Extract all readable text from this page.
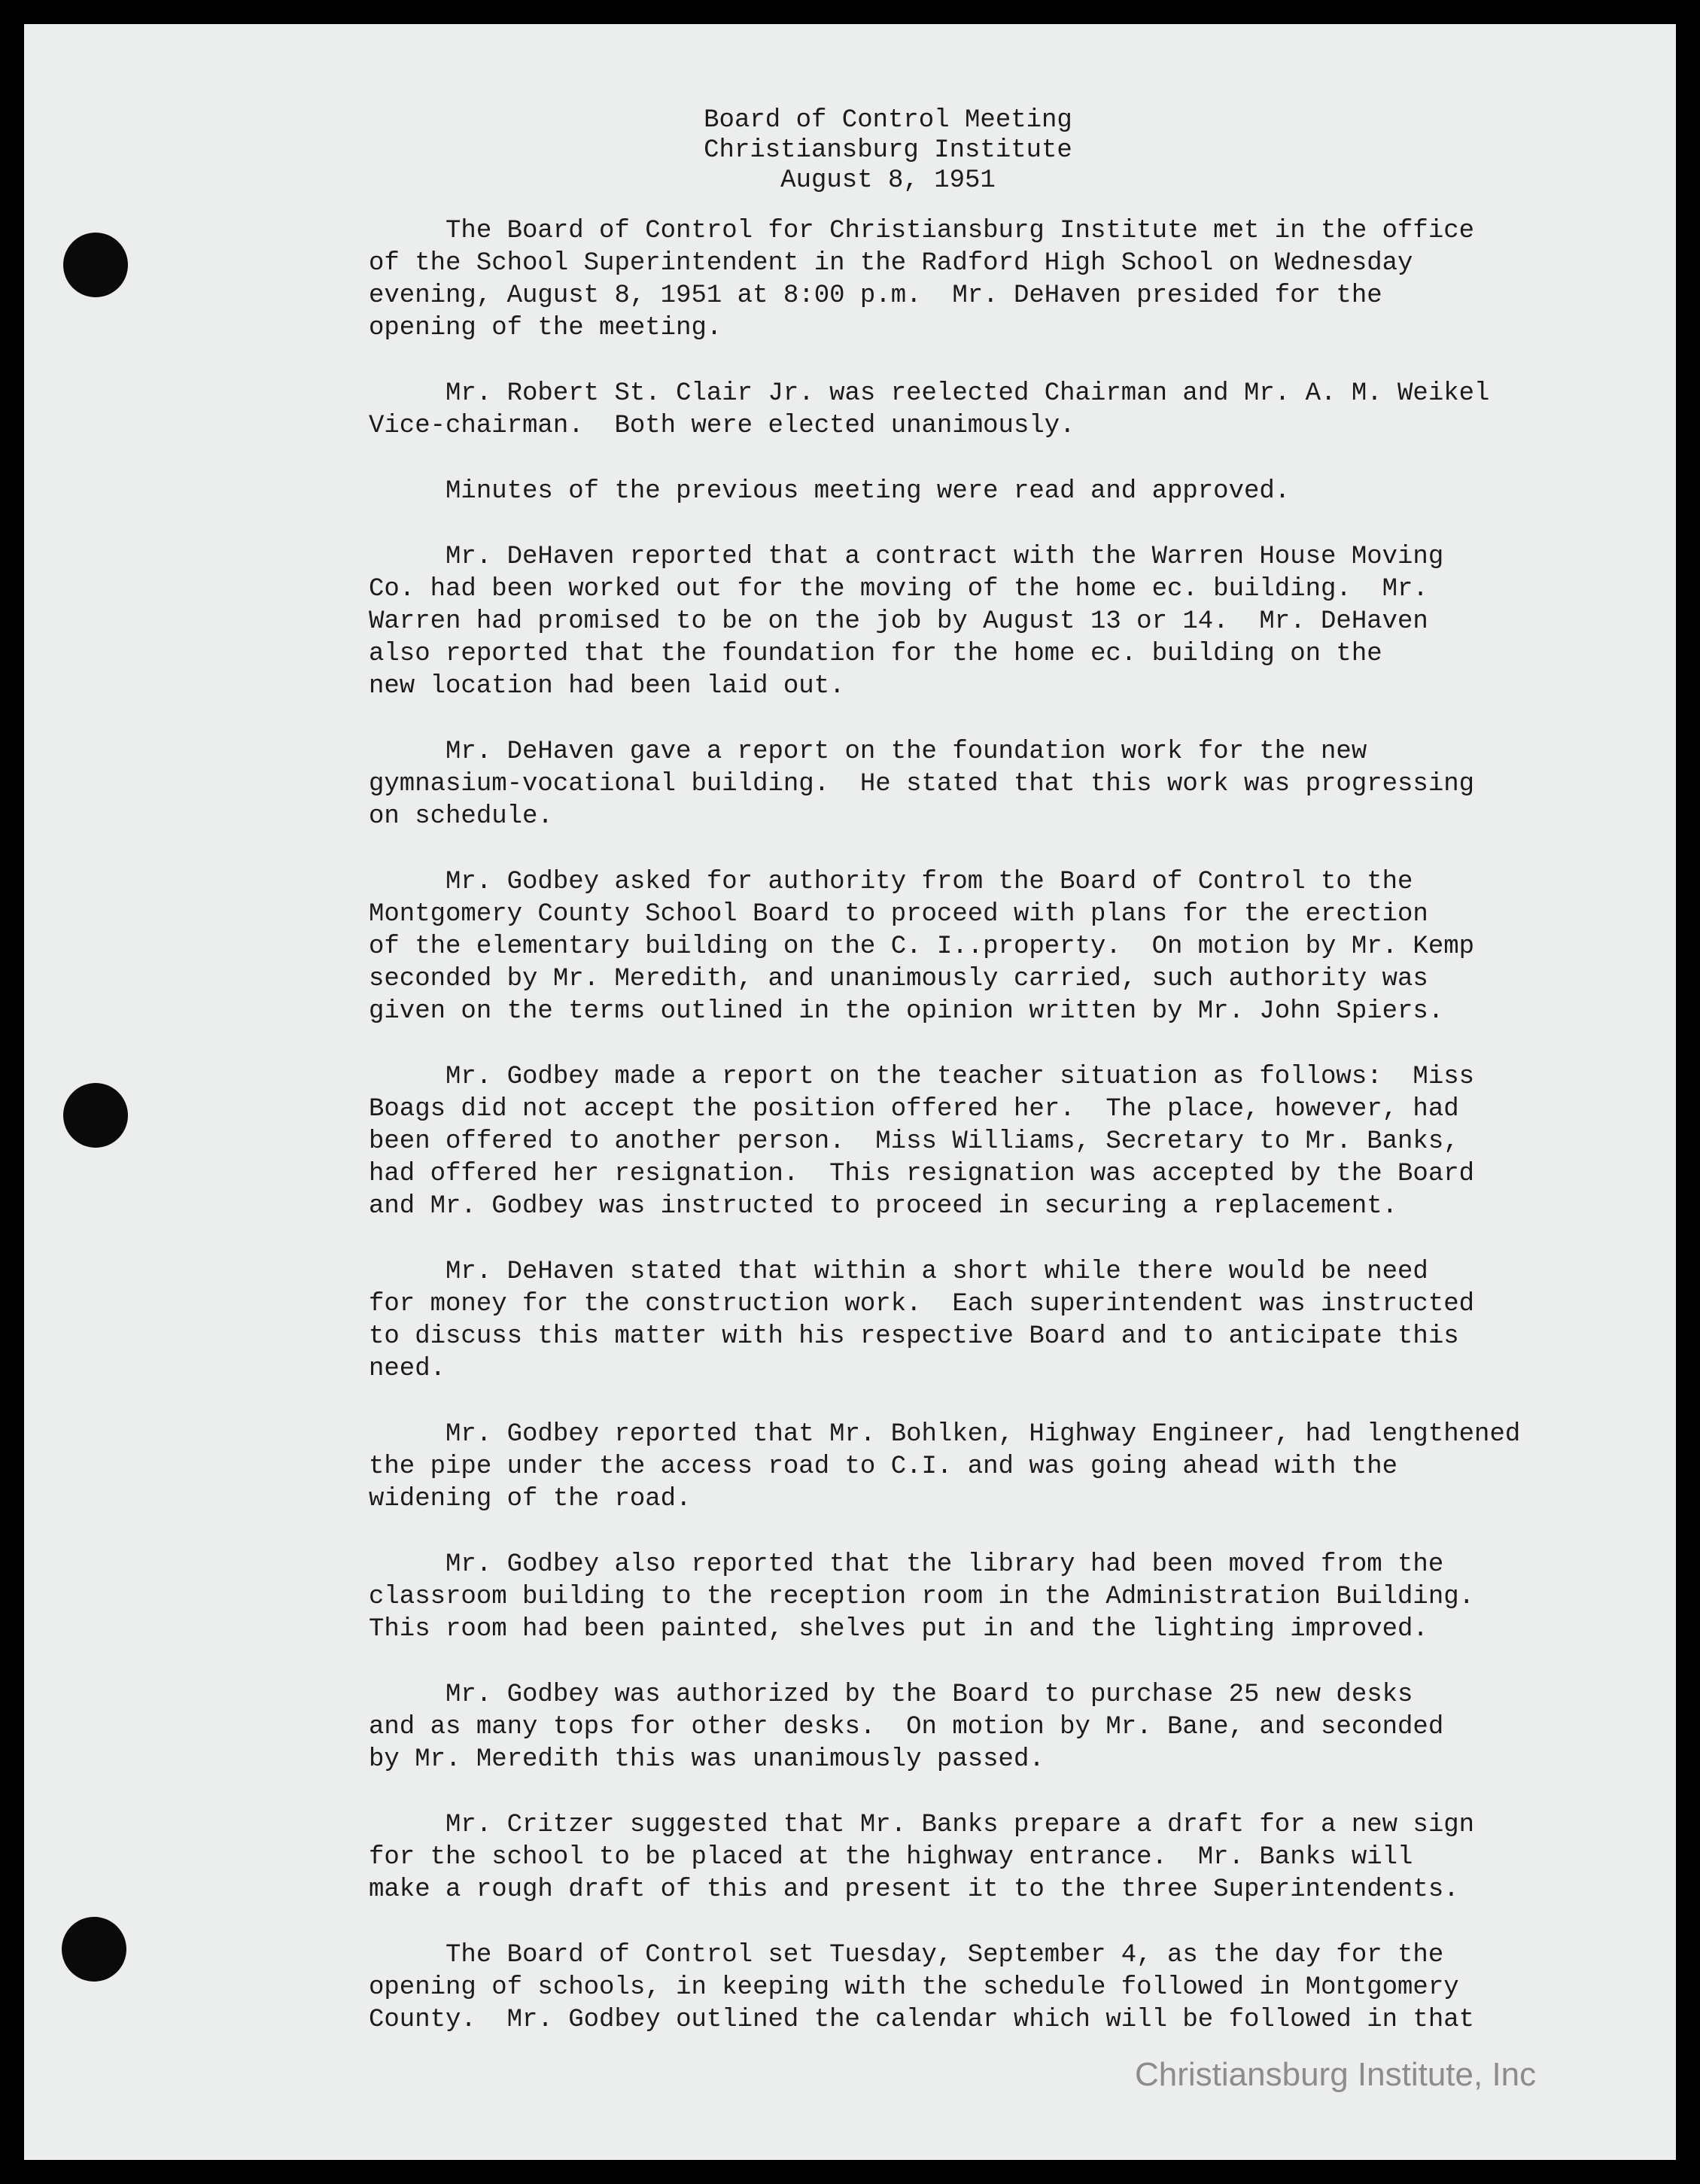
Board of Control Meeting
Christiansburg Institute
August 8, 1951
The Board of Control for Christiansburg Institute met in the office
of the School Superintendent in the Radford High School on Wednesday
evening, August 8, 1951 at 8:00 p.m.  Mr. DeHaven presided for the
opening of the meeting.
Mr. Robert St. Clair Jr. was reelected Chairman and Mr. A. M. Weikel
Vice-chairman.  Both were elected unanimously.
Minutes of the previous meeting were read and approved.
Mr. DeHaven reported that a contract with the Warren House Moving
Co. had been worked out for the moving of the home ec. building.  Mr.
Warren had promised to be on the job by August 13 or 14.  Mr. DeHaven
also reported that the foundation for the home ec. building on the
new location had been laid out.
Mr. DeHaven gave a report on the foundation work for the new
gymnasium-vocational building.  He stated that this work was progressing
on schedule.
Mr. Godbey asked for authority from the Board of Control to the
Montgomery County School Board to proceed with plans for the erection
of the elementary building on the C. I..property.  On motion by Mr. Kemp
seconded by Mr. Meredith, and unanimously carried, such authority was
given on the terms outlined in the opinion written by Mr. John Spiers.
Mr. Godbey made a report on the teacher situation as follows:  Miss
Boags did not accept the position offered her.  The place, however, had
been offered to another person.  Miss Williams, Secretary to Mr. Banks,
had offered her resignation.  This resignation was accepted by the Board
and Mr. Godbey was instructed to proceed in securing a replacement.
Mr. DeHaven stated that within a short while there would be need
for money for the construction work.  Each superintendent was instructed
to discuss this matter with his respective Board and to anticipate this
need.
Mr. Godbey reported that Mr. Bohlken, Highway Engineer, had lengthened
the pipe under the access road to C.I. and was going ahead with the
widening of the road.
Mr. Godbey also reported that the library had been moved from the
classroom building to the reception room in the Administration Building.
This room had been painted, shelves put in and the lighting improved.
Mr. Godbey was authorized by the Board to purchase 25 new desks
and as many tops for other desks.  On motion by Mr. Bane, and seconded
by Mr. Meredith this was unanimously passed.
Mr. Critzer suggested that Mr. Banks prepare a draft for a new sign
for the school to be placed at the highway entrance.  Mr. Banks will
make a rough draft of this and present it to the three Superintendents.
The Board of Control set Tuesday, September 4, as the day for the
opening of schools, in keeping with the schedule followed in Montgomery
County.  Mr. Godbey outlined the calendar which will be followed in that
Christiansburg Institute, Inc
